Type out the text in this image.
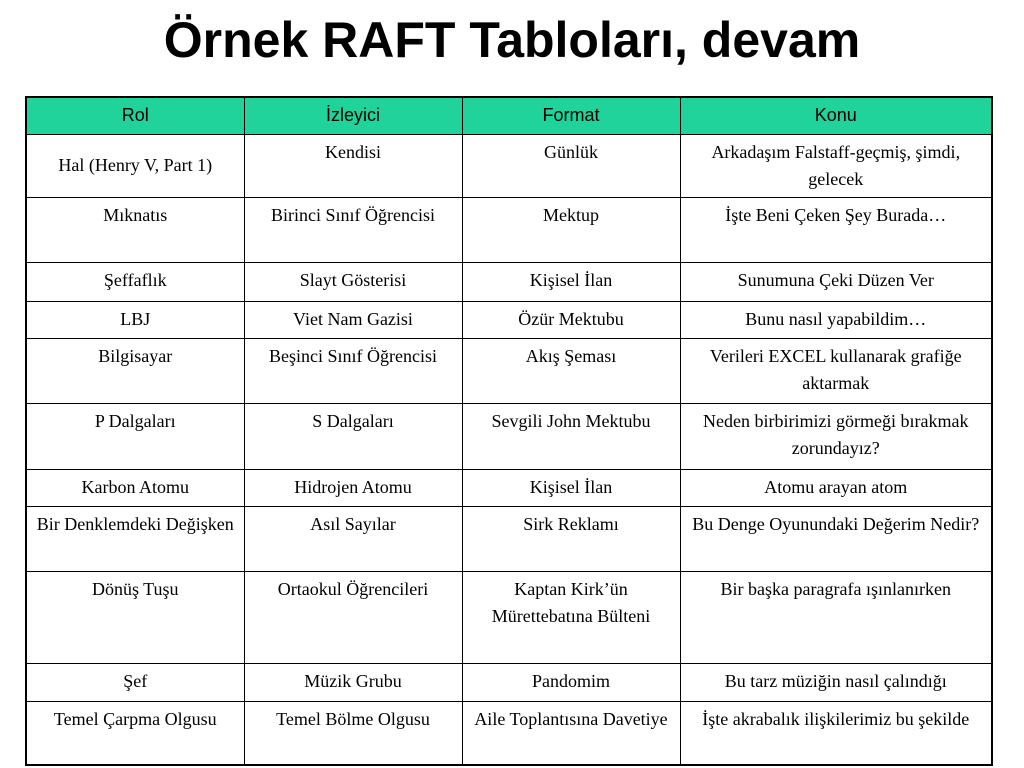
Örnek RAFT Tabloları, devam
Rol	İzleyici	Format	Konu
Hal (Henry V, Part 1)	Kendisi	Günlük	Arkadaşım Falstaff-geçmiş, şimdi, gelecek
Mıknatıs	Birinci Sınıf Öğrencisi	Mektup	İşte Beni Çeken Şey Burada…
Şeffaflık	Slayt Gösterisi	Kişisel İlan	Sunumuna Çeki Düzen Ver
LBJ	Viet Nam Gazisi	Özür Mektubu	Bunu nasıl yapabildim…
Bilgisayar	Beşinci Sınıf Öğrencisi	Akış Şeması	Verileri EXCEL kullanarak grafiğe aktarmak
P Dalgaları	S Dalgaları	Sevgili John Mektubu	Neden birbirimizi görmeği bırakmak zorundayız?
Karbon Atomu	Hidrojen Atomu	Kişisel İlan	Atomu arayan atom
Bir Denklemdeki Değişken	Asıl Sayılar	Sirk Reklamı	Bu Denge Oyunundaki Değerim Nedir?
Dönüş Tuşu	Ortaokul Öğrencileri	Kaptan Kirk’ün Mürettebatına Bülteni	Bir başka paragrafa ışınlanırken
Şef	Müzik Grubu	Pandomim	Bu tarz müziğin nasıl çalındığı
Temel Çarpma Olgusu	Temel Bölme Olgusu	Aile Toplantısına Davetiye	İşte akrabalık ilişkilerimiz bu şekilde
